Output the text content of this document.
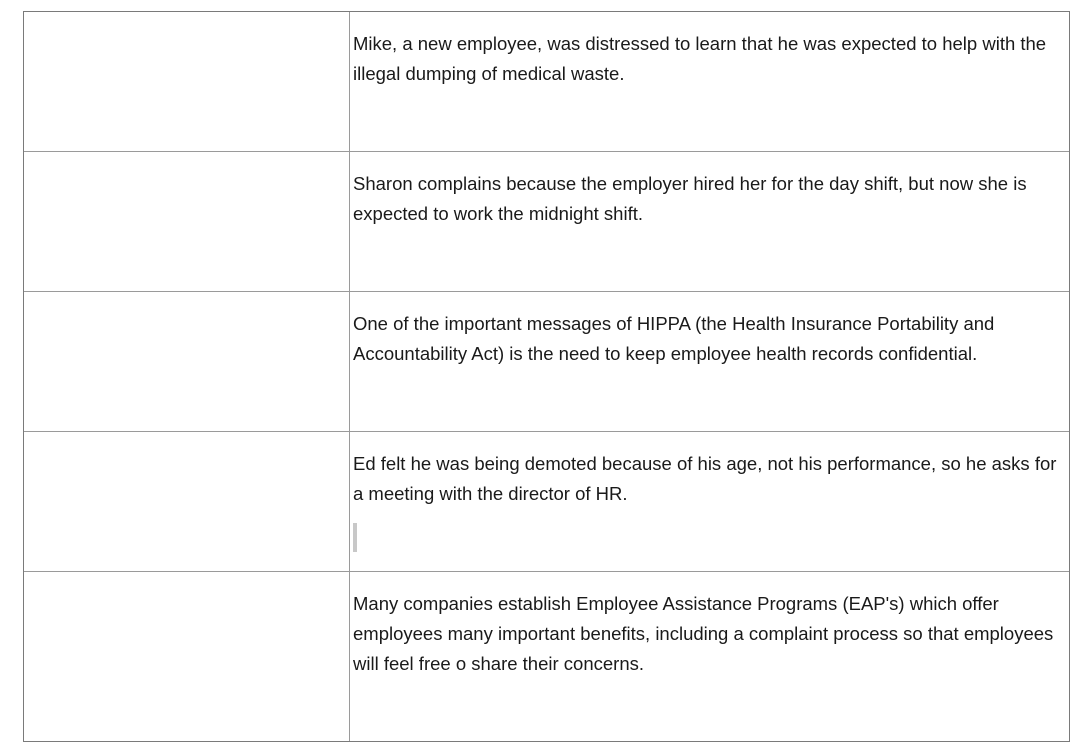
Mike, a new employee, was distressed to learn that he was expected to help with the illegal dumping of medical waste.

Sharon complains because the employer hired her for the day shift, but now she is expected to work the midnight shift.

One of the important messages of HIPPA (the Health Insurance Portability and Accountability Act) is the need to keep employee health records confidential.

Ed felt he was being demoted because of his age, not his performance, so he asks for a meeting with the director of HR.

Many companies establish Employee Assistance Programs (EAP's) which offer employees many important benefits, including a complaint process so that employees will feel free o share their concerns.
